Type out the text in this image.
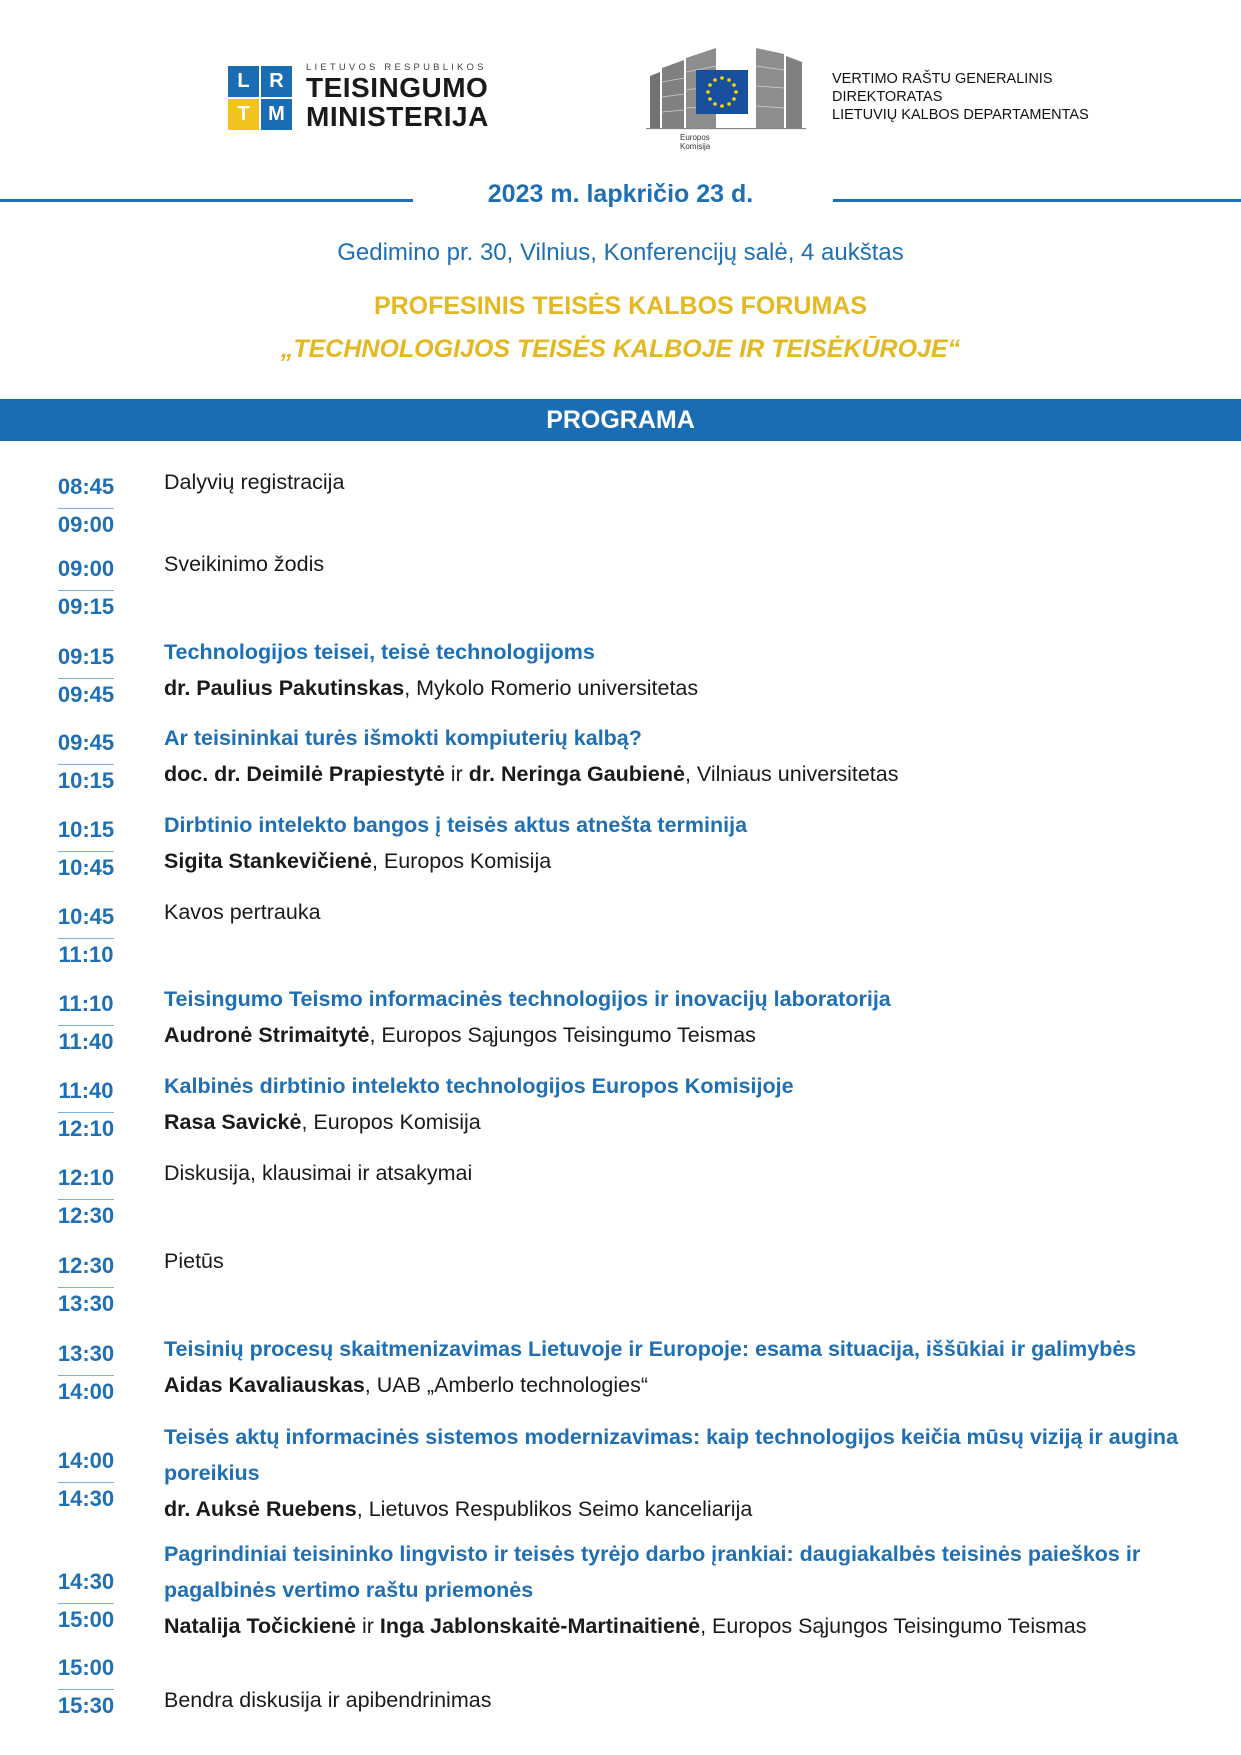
L R
T M
LIETUVOS RESPUBLIKOS
TEISINGUMO
MINISTERIJA
Europos
Komisija
VERTIMO RAŠTU GENERALINIS
DIREKTORATAS
LIETUVIŲ KALBOS DEPARTAMENTAS
2023 m. lapkričio 23 d.
Gedimino pr. 30, Vilnius, Konferencijų salė, 4 aukštas
PROFESINIS TEISĖS KALBOS FORUMAS
„TECHNOLOGIJOS TEISĖS KALBOJE IR TEISĖKŪROJE“
PROGRAMA
08:45
09:00
Dalyvių registracija
09:00
09:15
Sveikinimo žodis
09:15
09:45
Technologijos teisei, teisė technologijoms
dr. Paulius Pakutinskas, Mykolo Romerio universitetas
09:45
10:15
Ar teisininkai turės išmokti kompiuterių kalbą?
doc. dr. Deimilė Prapiestytė ir dr. Neringa Gaubienė, Vilniaus universitetas
10:15
10:45
Dirbtinio intelekto bangos į teisės aktus atnešta terminija
Sigita Stankevičienė, Europos Komisija
10:45
11:10
Kavos pertrauka
11:10
11:40
Teisingumo Teismo informacinės technologijos ir inovacijų laboratorija
Audronė Strimaitytė, Europos Sąjungos Teisingumo Teismas
11:40
12:10
Kalbinės dirbtinio intelekto technologijos Europos Komisijoje
Rasa Savickė, Europos Komisija
12:10
12:30
Diskusija, klausimai ir atsakymai
12:30
13:30
Pietūs
13:30
14:00
Teisinių procesų skaitmenizavimas Lietuvoje ir Europoje: esama situacija, iššūkiai ir galimybės
Aidas Kavaliauskas, UAB „Amberlo technologies“
14:00
14:30
Teisės aktų informacinės sistemos modernizavimas: kaip technologijos keičia mūsų viziją ir augina poreikius
dr. Auksė Ruebens, Lietuvos Respublikos Seimo kanceliarija
14:30
15:00
Pagrindiniai teisininko lingvisto ir teisės tyrėjo darbo įrankiai: daugiakalbės teisinės paieškos ir pagalbinės vertimo raštu priemonės
Natalija Točickienė ir Inga Jablonskaitė-Martinaitienė, Europos Sąjungos Teisingumo Teismas
15:00
15:30 Bendra diskusija ir apibendrinimas
